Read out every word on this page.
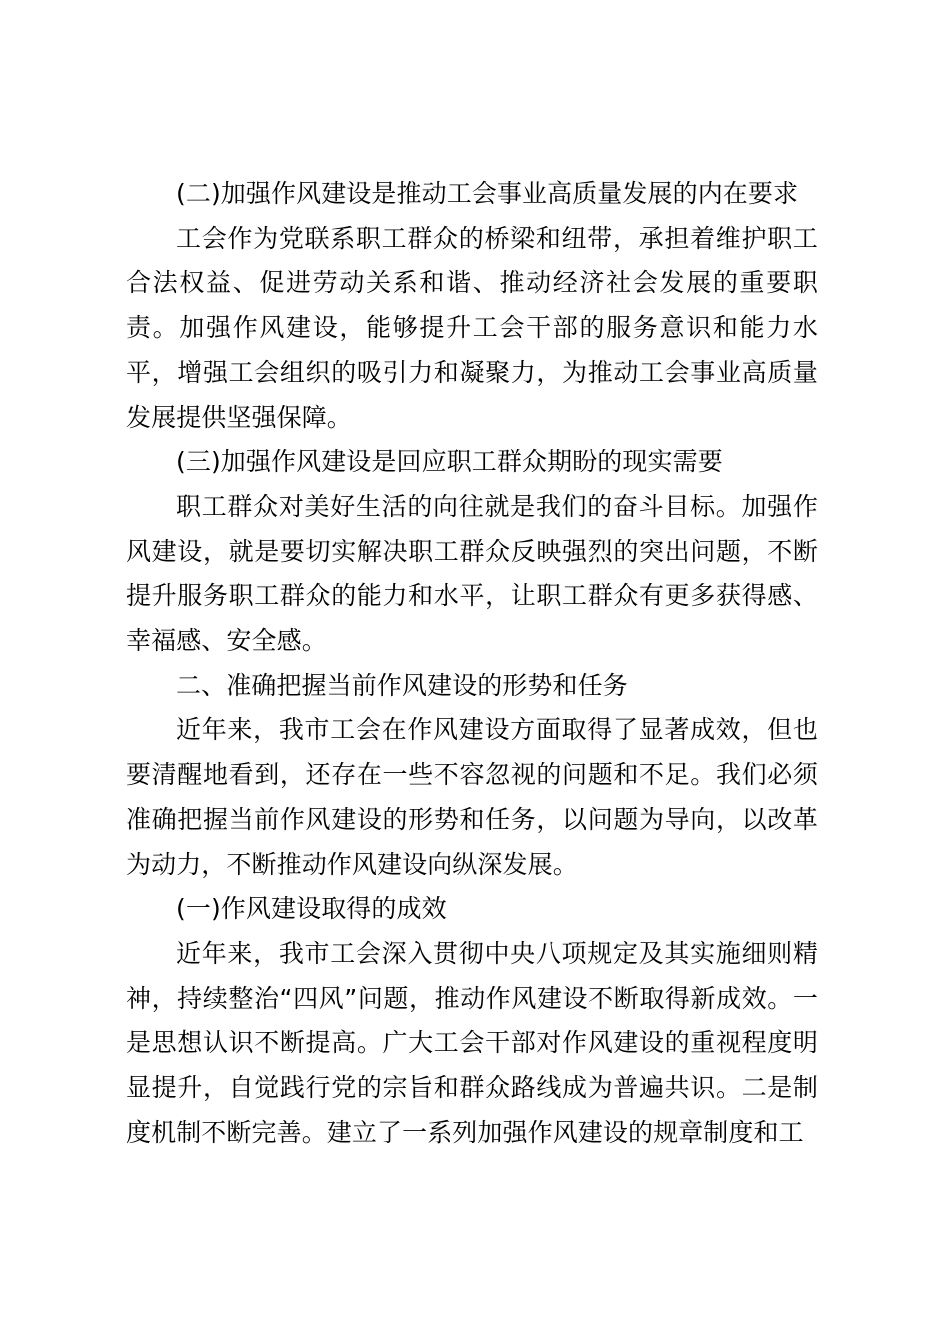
(二)加强作风建设是推动工会事业高质量发展的内在要求

工会作为党联系职工群众的桥梁和纽带，承担着维护职工合法权益、促进劳动关系和谐、推动经济社会发展的重要职责。加强作风建设，能够提升工会干部的服务意识和能力水平，增强工会组织的吸引力和凝聚力，为推动工会事业高质量发展提供坚强保障。

(三)加强作风建设是回应职工群众期盼的现实需要

职工群众对美好生活的向往就是我们的奋斗目标。加强作风建设，就是要切实解决职工群众反映强烈的突出问题，不断提升服务职工群众的能力和水平，让职工群众有更多获得感、幸福感、安全感。

二、准确把握当前作风建设的形势和任务

近年来，我市工会在作风建设方面取得了显著成效，但也要清醒地看到，还存在一些不容忽视的问题和不足。我们必须准确把握当前作风建设的形势和任务，以问题为导向，以改革为动力，不断推动作风建设向纵深发展。

(一)作风建设取得的成效

近年来，我市工会深入贯彻中央八项规定及其实施细则精神，持续整治“四风”问题，推动作风建设不断取得新成效。一是思想认识不断提高。广大工会干部对作风建设的重视程度明显提升，自觉践行党的宗旨和群众路线成为普遍共识。二是制度机制不断完善。建立了一系列加强作风建设的规章制度和工
